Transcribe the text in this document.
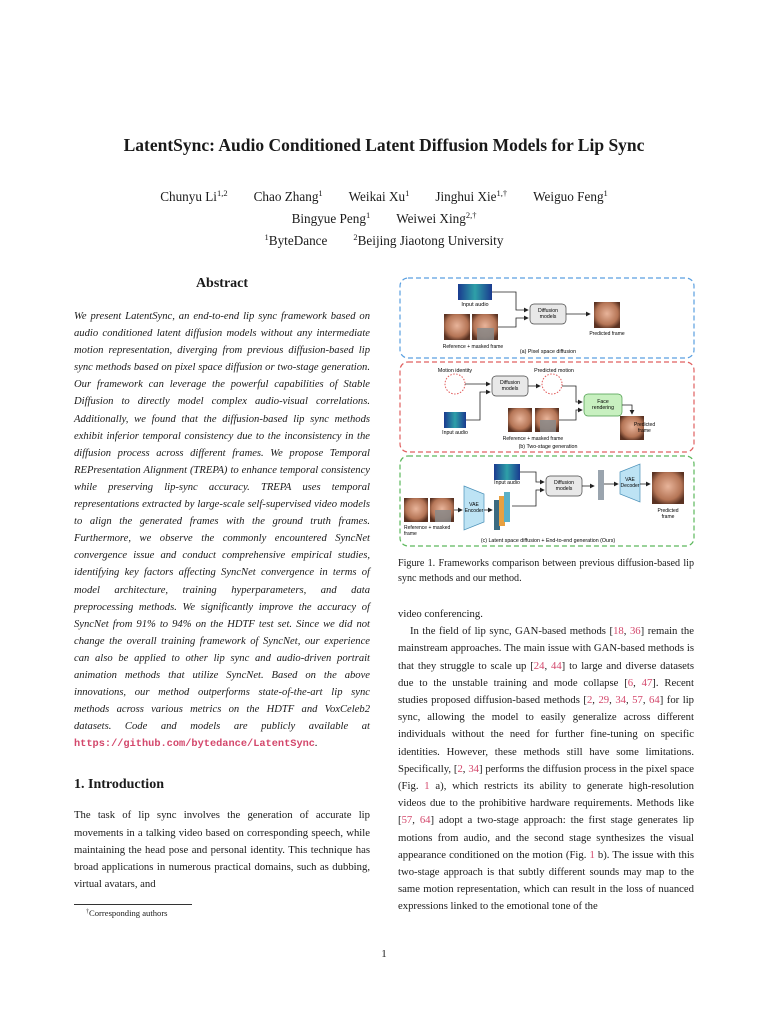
LatentSync: Audio Conditioned Latent Diffusion Models for Lip Sync
Chunyu Li$^{1,2}$ Chao Zhang$^1$ Weikai Xu$^1$ Jinghui Xie$^{1,\dagger}$ Weiguo Feng$^1$
Bingyue Peng$^1$ Weiwei Xing$^{2,\dagger}$
$^1$ByteDance	$^2$Beijing Jiaotong University
Abstract
We present LatentSync, an end-to-end lip sync framework based on audio conditioned latent diffusion models without any intermediate motion representation, diverging from previous diffusion-based lip sync methods based on pixel space diffusion or two-stage generation. Our framework can leverage the powerful capabilities of Stable Diffusion to directly model complex audio-visual correlations. Additionally, we found that the diffusion-based lip sync methods exhibit inferior temporal consistency due to the inconsistency in the diffusion process across different frames. We propose Temporal REPresentation Alignment (TREPA) to enhance temporal consistency while preserving lip-sync accuracy. TREPA uses temporal representations extracted by large-scale self-supervised video models to align the generated frames with the ground truth frames. Furthermore, we observe the commonly encountered SyncNet convergence issue and conduct comprehensive empirical studies, identifying key factors affecting SyncNet convergence in terms of model architecture, training hyperparameters, and data preprocessing methods. We significantly improve the accuracy of SyncNet from 91% to 94% on the HDTF test set. Since we did not change the overall training framework of SyncNet, our experience can also be applied to other lip sync and audio-driven portrait animation methods that utilize SyncNet. Based on the above innovations, our method outperforms state-of-the-art lip sync methods across various metrics on the HDTF and VoxCeleb2 datasets. Code and models are publicly available at https://github.com/bytedance/LatentSync.
1. Introduction
The task of lip sync involves the generation of accurate lip movements in a talking video based on corresponding speech, while maintaining the head pose and personal identity. This technique has broad applications in numerous practical domains, such as dubbing, virtual avatars, and
†Corresponding authors
Input audio
Reference + masked frame
Diffusion models
Predicted frame
(a) Pixel space diffusion
Motion identity	Predicted motion
Diffusion models
Input audio
Reference + masked frame
Face rendering
Predicted frame
(b) Two-stage generation
Input audio
Reference + masked frame
VAE Encoder
Diffusion models
VAE Decoder
Predicted frame
(c) Latent space diffusion + End-to-end generation (Ours)
Figure 1. Frameworks comparison between previous diffusion-based lip sync methods and our method.
video conferencing.
In the field of lip sync, GAN-based methods [18, 36] remain the mainstream approaches. The main issue with GAN-based methods is that they struggle to scale up [24, 44] to large and diverse datasets due to the unstable training and mode collapse [6, 47]. Recent studies proposed diffusion-based methods [2, 29, 34, 57, 64] for lip sync, allowing the model to easily generalize across different individuals without the need for further fine-tuning on specific identities. However, these methods still have some limitations. Specifically, [2, 34] performs the diffusion process in the pixel space (Fig. 1 a), which restricts its ability to generate high-resolution videos due to the prohibitive hardware requirements. Methods like [57, 64] adopt a two-stage approach: the first stage generates lip motions from audio, and the second stage synthesizes the visual appearance conditioned on the motion (Fig. 1 b). The issue with this two-stage approach is that subtly different sounds may map to the same motion representation, which can result in the loss of nuanced expressions linked to the emotional tone of the
1
